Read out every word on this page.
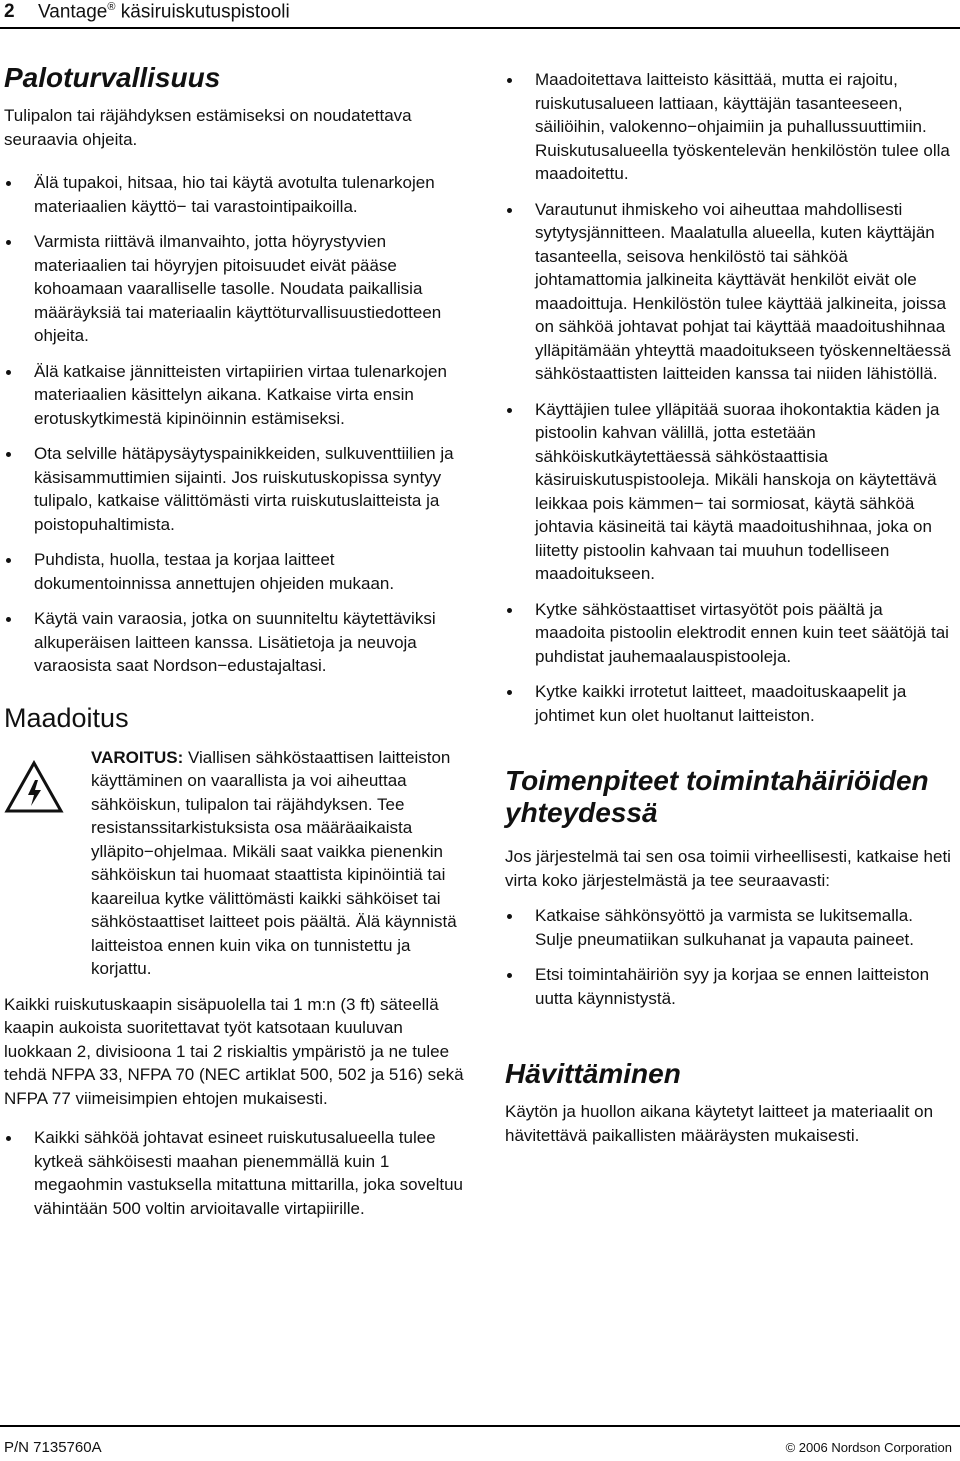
2 Vantage® käsiruiskutuspistooli
Paloturvallisuus

Tulipalon tai räjähdyksen estämiseksi on noudatettava seuraavia ohjeita.

Älä tupakoi, hitsaa, hio tai käytä avotulta tulenarkojen materiaalien käyttö− tai varastointipaikoilla.
Varmista riittävä ilmanvaihto, jotta höyrystyvien materiaalien tai höyryjen pitoisuudet eivät pääse kohoamaan vaaralliselle tasolle. Noudata paikallisia määräyksiä tai materiaalin käyttöturvallisuustiedotteen ohjeita.
Älä katkaise jännitteisten virtapiirien virtaa tulenarkojen materiaalien käsittelyn aikana. Katkaise virta ensin erotuskytkimestä kipinöinnin estämiseksi.
Ota selville hätäpysäytyspainikkeiden, sulkuventtiilien ja käsisammuttimien sijainti. Jos ruiskutuskopissa syntyy tulipalo, katkaise välittömästi virta ruiskutuslaitteista ja poistopuhaltimista.
Puhdista, huolla, testaa ja korjaa laitteet dokumentoinnissa annettujen ohjeiden mukaan.
Käytä vain varaosia, jotka on suunniteltu käytettäviksi alkuperäisen laitteen kanssa. Lisätietoja ja neuvoja varaosista saat Nordson−edustajaltasi.
Maadoitus

VAROITUS: Viallisen sähköstaattisen laitteiston käyttäminen on vaarallista ja voi aiheuttaa sähköiskun, tulipalon tai räjähdyksen. Tee resistanssitarkistuksista osa määräaikaista ylläpito−ohjelmaa. Mikäli saat vaikka pienenkin sähköiskun tai huomaat staattista kipinöintiä tai kaareilua kytke välittömästi kaikki sähköiset tai sähköstaattiset laitteet pois päältä. Älä käynnistä laitteistoa ennen kuin vika on tunnistettu ja korjattu.

Kaikki ruiskutuskaapin sisäpuolella tai 1 m:n (3 ft) säteellä kaapin aukoista suoritettavat työt katsotaan kuuluvan luokkaan 2, divisioona 1 tai 2 riskialtis ympäristö ja ne tulee tehdä NFPA 33, NFPA 70 (NEC artiklat 500, 502 ja 516) sekä NFPA 77 viimeisimpien ehtojen mukaisesti.

Kaikki sähköä johtavat esineet ruiskutusalueella tulee kytkeä sähköisesti maahan pienemmällä kuin 1 megaohmin vastuksella mitattuna mittarilla, joka soveltuu vähintään 500 voltin arvioitavalle virtapiirille.
Maadoitettava laitteisto käsittää, mutta ei rajoitu, ruiskutusalueen lattiaan, käyttäjän tasanteeseen, säiliöihin, valokenno−ohjaimiin ja puhallussuuttimiin. Ruiskutusalueella työskentelevän henkilöstön tulee olla maadoitettu.
Varautunut ihmiskeho voi aiheuttaa mahdollisesti sytytysjännitteen. Maalatulla alueella, kuten käyttäjän tasanteella, seisova henkilöstö tai sähköä johtamattomia jalkineita käyttävät henkilöt eivät ole maadoittuja. Henkilöstön tulee käyttää jalkineita, joissa on sähköä johtavat pohjat tai käyttää maadoitushihnaa ylläpitämään yhteyttä maadoitukseen työskenneltäessä sähköstaattisten laitteiden kanssa tai niiden lähistöllä.
Käyttäjien tulee ylläpitää suoraa ihokontaktia käden ja pistoolin kahvan välillä, jotta estetään sähköiskutkäytettäessä sähköstaattisia käsiruiskutuspistooleja. Mikäli hanskoja on käytettävä leikkaa pois kämmen− tai sormiosat, käytä sähköä johtavia käsineitä tai käytä maadoitushihnaa, joka on liitetty pistoolin kahvaan tai muuhun todelliseen maadoitukseen.
Kytke sähköstaattiset virtasyötöt pois päältä ja maadoita pistoolin elektrodit ennen kuin teet säätöjä tai puhdistat jauhemaalauspistooleja.
Kytke kaikki irrotetut laitteet, maadoituskaapelit ja johtimet kun olet huoltanut laitteiston.
Toimenpiteet toimintahäiriöiden yhteydessä

Jos järjestelmä tai sen osa toimii virheellisesti, katkaise heti virta koko järjestelmästä ja tee seuraavasti:

Katkaise sähkönsyöttö ja varmista se lukitsemalla. Sulje pneumatiikan sulkuhanat ja vapauta paineet.
Etsi toimintahäiriön syy ja korjaa se ennen laitteiston uutta käynnistystä.
Hävittäminen

Käytön ja huollon aikana käytetyt laitteet ja materiaalit on hävitettävä paikallisten määräysten mukaisesti.

P/N 7135760A	© 2006 Nordson Corporation
